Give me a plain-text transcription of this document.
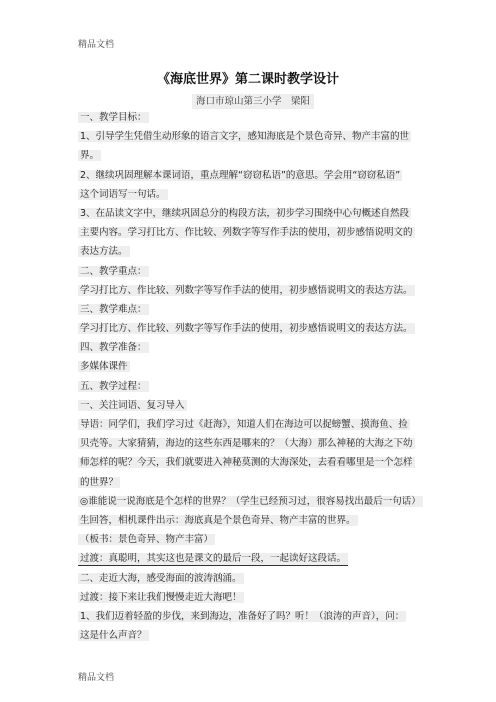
精品文档
《海底世界》第二课时教学设计
海口市琼山第三小学　梁阳
一、教学目标：
1、引导学生凭借生动形象的语言文字，感知海底是个景色奇异、物产丰富的世
界。
2、继续巩固理解本课词语，重点理解“窃窃私语”的意思。学会用“窃窃私语”
这个词语写一句话。
3、在品读文字中，继续巩固总分的构段方法，初步学习围绕中心句概述自然段
主要内容。学习打比方、作比较、列数字等写作手法的使用，初步感悟说明文的
表达方法。
二、教学重点：
学习打比方、作比较、列数字等写作手法的使用，初步感悟说明文的表达方法。
三、教学难点：
学习打比方、作比较、列数字等写作手法的使用，初步感悟说明文的表达方法。
四、教学准备：
多媒体课件
五、教学过程：
一、关注词语、复习导入
导语：同学们，我们学习过《赶海》，知道人们在海边可以捉螃蟹、摸海鱼、捡
贝壳等。大家猜猜，海边的这些东西是哪来的？（大海）那么神秘的大海之下幼
师怎样的呢？今天，我们就要进入神秘莫测的大海深处，去看看哪里是一个怎样
的世界？
◎谁能说一说海底是个怎样的世界？（学生已经预习过，很容易找出最后一句话）
生回答，相机课件出示：海底真是个景色奇异、物产丰富的世界。
（板书：景色奇异、物产丰富）
过渡：真聪明，其实这也是课文的最后一段，一起读好这段话。
二、走近大海，感受海面的波涛汹涌。
过渡：接下来让我们慢慢走近大海吧！
1、我们迈着轻盈的步伐，来到海边，准备好了吗？听！（浪涛的声音），问：
这是什么声音？
精品文档
